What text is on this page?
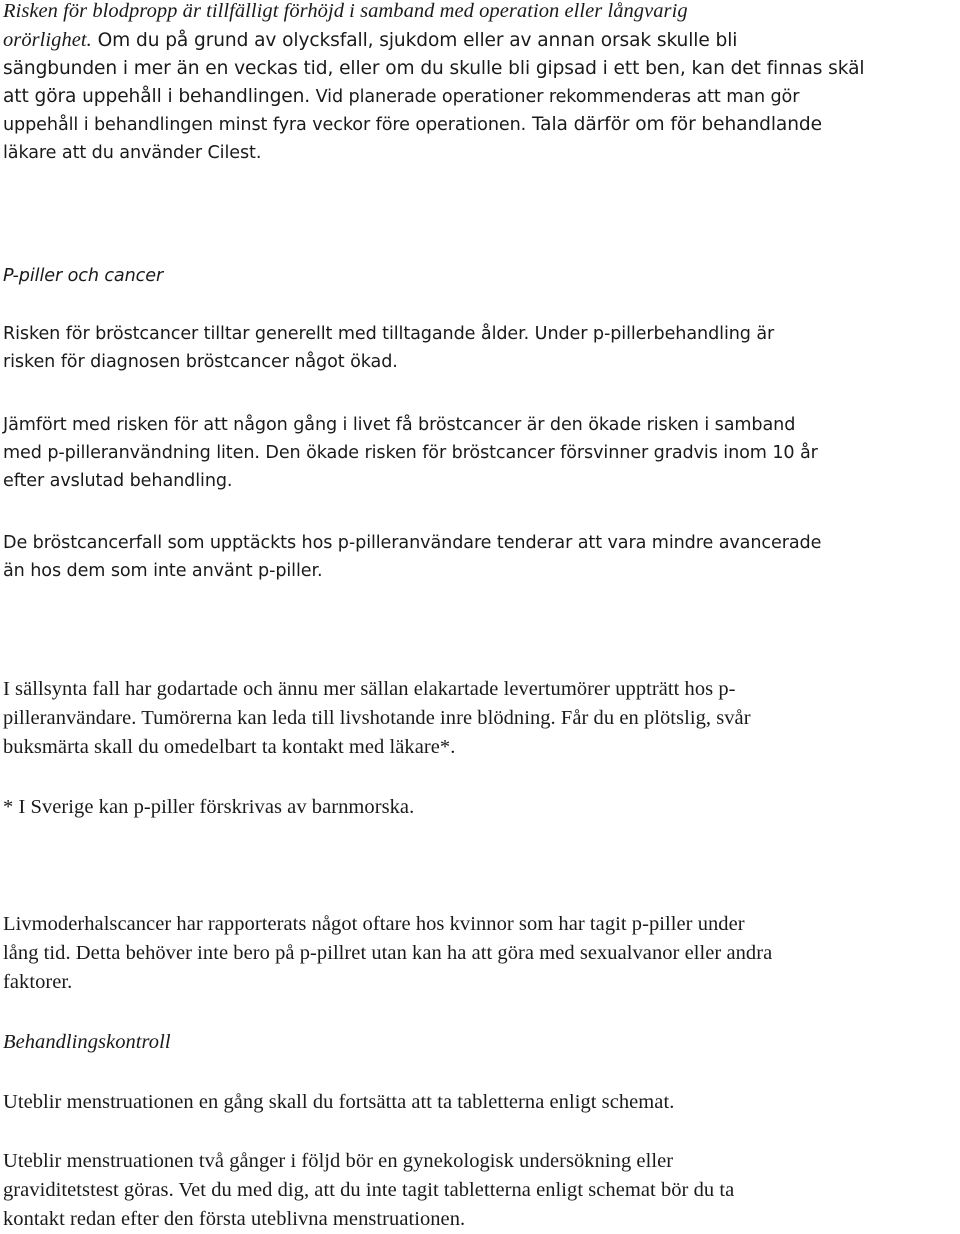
Risken för blodpropp är tillfälligt förhöjd i samband med operation eller långvarig
orörlighet. Om du på grund av olycksfall, sjukdom eller av annan orsak skulle bli
sängbunden i mer än en veckas tid, eller om du skulle bli gipsad i ett ben, kan det finnas skäl
att göra uppehåll i behandlingen. Vid planerade operationer rekommenderas att man gör
uppehåll i behandlingen minst fyra veckor före operationen. Tala därför om för behandlande
läkare att du använder Cilest.
P-piller och cancer
Risken för bröstcancer tilltar generellt med tilltagande ålder. Under p-pillerbehandling är
risken för diagnosen bröstcancer något ökad.
Jämfört med risken för att någon gång i livet få bröstcancer är den ökade risken i samband
med p-pilleranvändning liten. Den ökade risken för bröstcancer försvinner gradvis inom 10 år
efter avslutad behandling.
De bröstcancerfall som upptäckts hos p-pilleranvändare tenderar att vara mindre avancerade
än hos dem som inte använt p-piller.
I sällsynta fall har godartade och ännu mer sällan elakartade levertumörer uppträtt hos p-
pilleranvändare. Tumörerna kan leda till livshotande inre blödning. Får du en plötslig, svår
buksmärta skall du omedelbart ta kontakt med läkare*.
* I Sverige kan p-piller förskrivas av barnmorska.
Livmoderhalscancer har rapporterats något oftare hos kvinnor som har tagit p-piller under
lång tid. Detta behöver inte bero på p-pillret utan kan ha att göra med sexualvanor eller andra
faktorer.
Behandlingskontroll
Uteblir menstruationen en gång skall du fortsätta att ta tabletterna enligt schemat.
Uteblir menstruationen två gånger i följd bör en gynekologisk undersökning eller
graviditetstest göras. Vet du med dig, att du inte tagit tabletterna enligt schemat bör du ta
kontakt redan efter den första uteblivna menstruationen.
